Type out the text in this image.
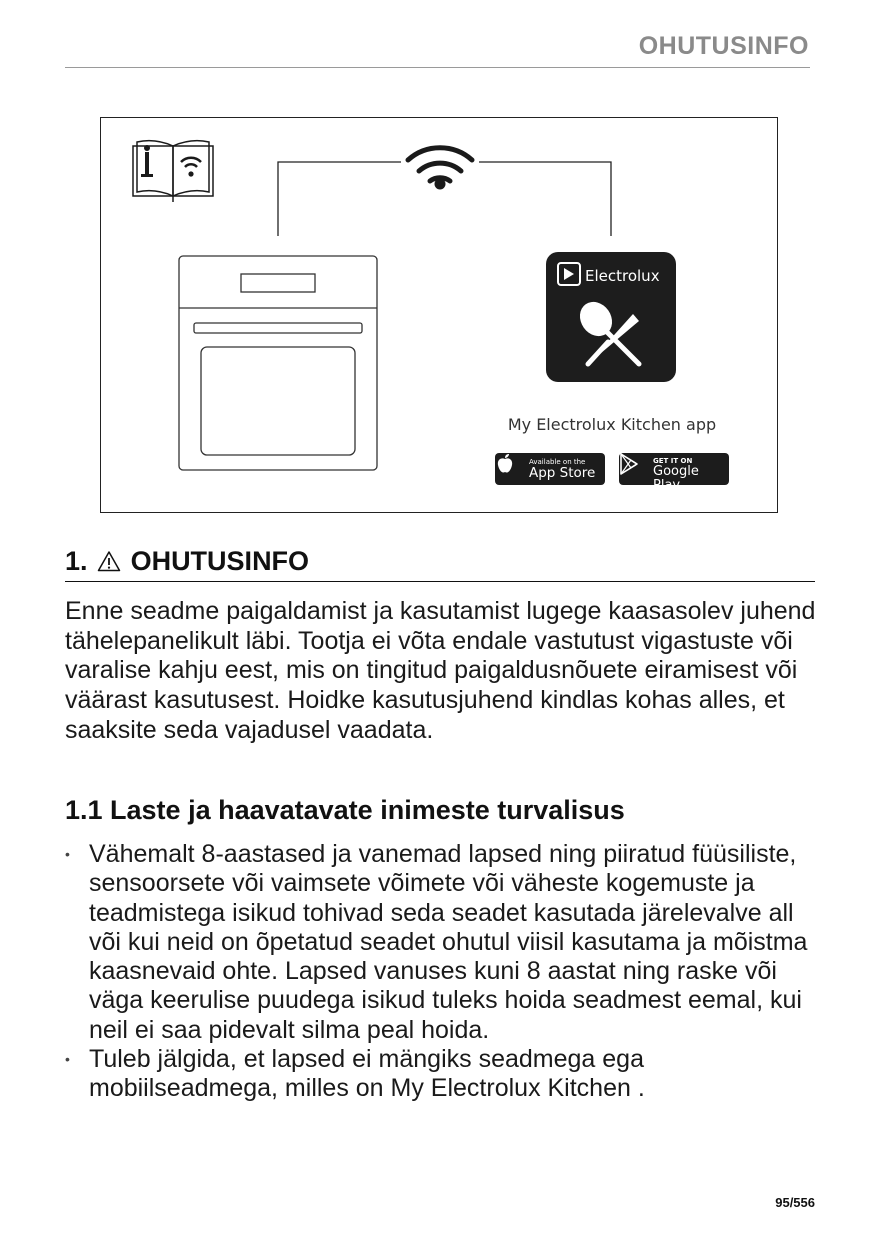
OHUTUSINFO
Electrolux
My Electrolux Kitchen app
Available on the
App Store
GET IT ON
Google Play
1. OHUTUSINFO

Enne seadme paigaldamist ja kasutamist lugege kaasasolev juhend tähelepanelikult läbi. Tootja ei võta endale vastutust vigastuste või varalise kahju eest, mis on tingitud paigaldusnõuete eiramisest või väärast kasutusest. Hoidke kasutusjuhend kindlas kohas alles, et saaksite seda vajadusel vaadata.

1.1 Laste ja haavatavate inimeste turvalisus
• Vähemalt 8-aastased ja vanemad lapsed ning piiratud füüsiliste, sensoorsete või vaimsete võimete või väheste kogemuste ja teadmistega isikud tohivad seda seadet kasutada järelevalve all või kui neid on õpetatud seadet ohutul viisil kasutama ja mõistma kaasnevaid ohte. Lapsed vanuses kuni 8 aastat ning raske või väga keerulise puudega isikud tuleks hoida seadmest eemal, kui neil ei saa pidevalt silma peal hoida.
• Tuleb jälgida, et lapsed ei mängiks seadmega ega mobiilseadmega, milles on My Electrolux Kitchen .
95/556
